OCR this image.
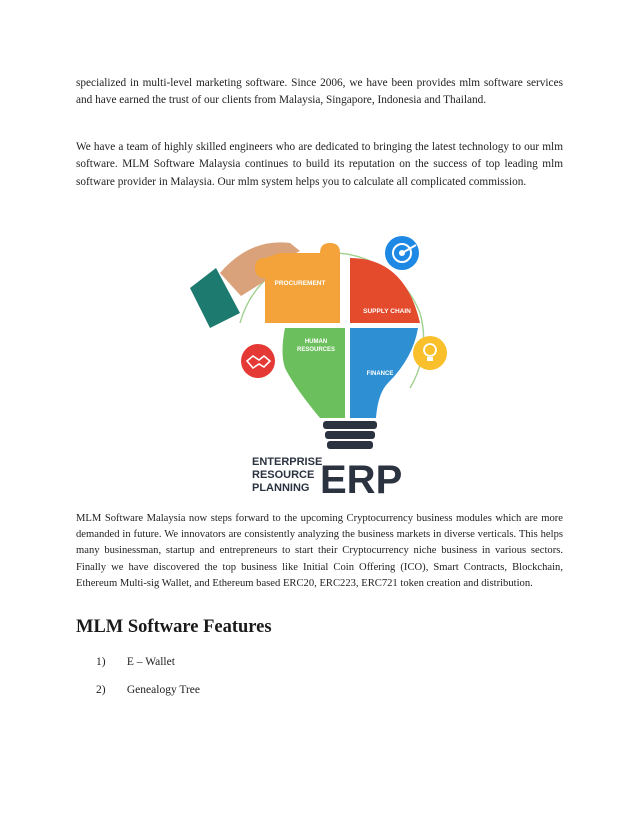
specialized in multi-level marketing software. Since 2006, we have been provides mlm software services and have earned the trust of our clients from Malaysia, Singapore, Indonesia and Thailand.

We have a team of highly skilled engineers who are dedicated to bringing the latest technology to our mlm software. MLM Software Malaysia continues to build its reputation on the success of top leading mlm software provider in Malaysia. Our mlm system helps you to calculate all complicated commission.

PROCUREMENT
SUPPLY CHAIN
HUMAN
RESOURCES
FINANCE
ENTERPRISE
RESOURCE
PLANNING ERP

MLM Software Malaysia now steps forward to the upcoming Cryptocurrency business modules which are more demanded in future. We innovators are consistently analyzing the business markets in diverse verticals. This helps many businessman, startup and entrepreneurs to start their Cryptocurrency niche business in various sectors. Finally we have discovered the top business like Initial Coin Offering (ICO), Smart Contracts, Blockchain, Ethereum Multi-sig Wallet, and Ethereum based ERC20, ERC223, ERC721 token creation and distribution.

MLM Software Features
1) E – Wallet
2) Genealogy Tree
